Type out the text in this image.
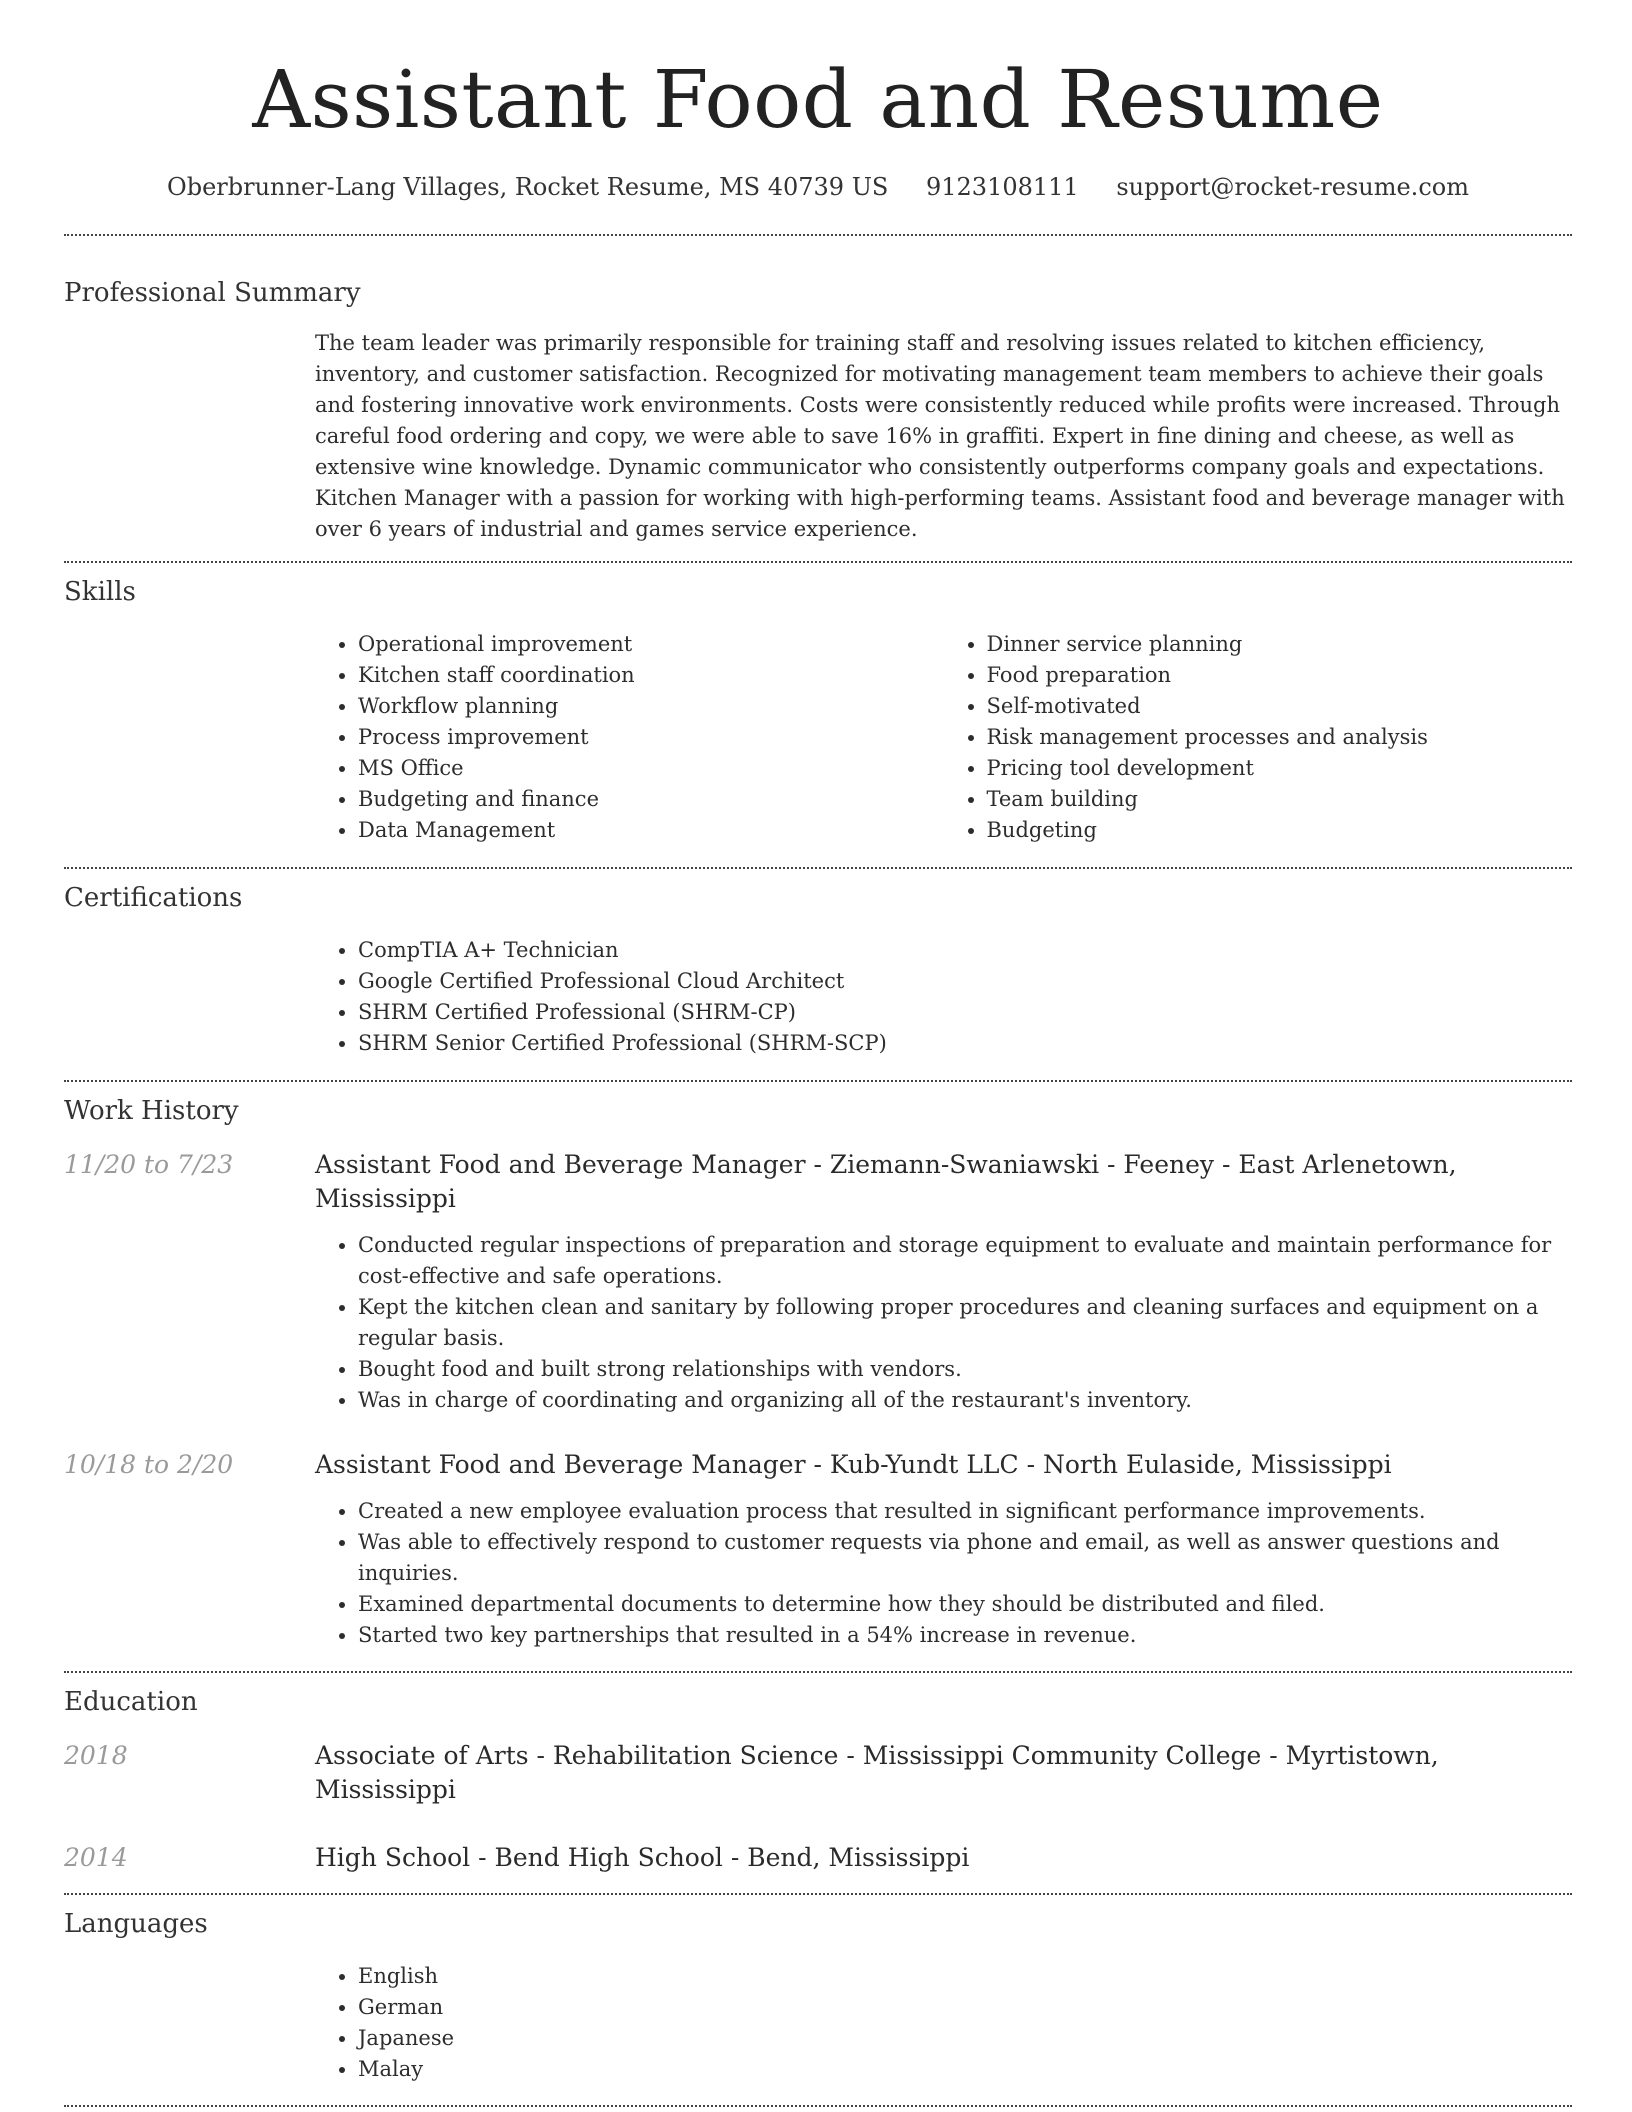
Assistant Food and Resume
Oberbrunner-Lang Villages, Rocket Resume, MS 40739 US 9123108111 support@rocket-resume.com
Professional Summary
The team leader was primarily responsible for training staff and resolving issues related to kitchen efficiency, inventory, and customer satisfaction. Recognized for motivating management team members to achieve their goals and fostering innovative work environments. Costs were consistently reduced while profits were increased. Through careful food ordering and copy, we were able to save 16% in graffiti. Expert in fine dining and cheese, as well as extensive wine knowledge. Dynamic communicator who consistently outperforms company goals and expectations. Kitchen Manager with a passion for working with high-performing teams. Assistant food and beverage manager with over 6 years of industrial and games service experience.
Skills
• Operational improvement
• Kitchen staff coordination
• Workflow planning
• Process improvement
• MS Office
• Budgeting and finance
• Data Management
• Dinner service planning
• Food preparation
• Self-motivated
• Risk management processes and analysis
• Pricing tool development
• Team building
• Budgeting
Certifications
• CompTIA A+ Technician
• Google Certified Professional Cloud Architect
• SHRM Certified Professional (SHRM-CP)
• SHRM Senior Certified Professional (SHRM-SCP)
Work History
11/20 to 7/23	Assistant Food and Beverage Manager - Ziemann-Swaniawski - Feeney - East Arlenetown, Mississippi
• Conducted regular inspections of preparation and storage equipment to evaluate and maintain performance for cost-effective and safe operations.
• Kept the kitchen clean and sanitary by following proper procedures and cleaning surfaces and equipment on a regular basis.
• Bought food and built strong relationships with vendors.
• Was in charge of coordinating and organizing all of the restaurant's inventory.
10/18 to 2/20	Assistant Food and Beverage Manager - Kub-Yundt LLC - North Eulaside, Mississippi
• Created a new employee evaluation process that resulted in significant performance improvements.
• Was able to effectively respond to customer requests via phone and email, as well as answer questions and inquiries.
• Examined departmental documents to determine how they should be distributed and filed.
• Started two key partnerships that resulted in a 54% increase in revenue.
Education
2018	Associate of Arts - Rehabilitation Science - Mississippi Community College - Myrtistown, Mississippi
2014	High School - Bend High School - Bend, Mississippi
Languages
• English
• German
• Japanese
• Malay
